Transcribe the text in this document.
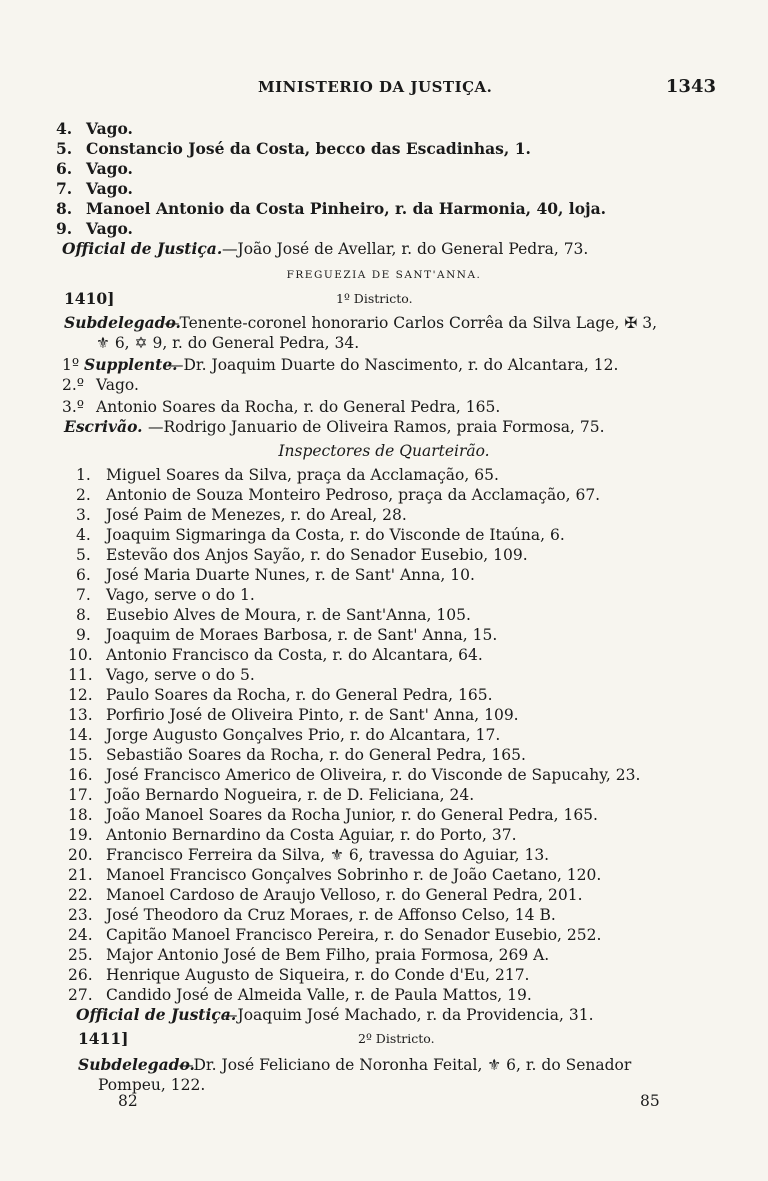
MINISTERIO DA JUSTIÇA.	1343
4. Vago.
5. Constancio José da Costa, becco das Escadinhas, 1.
6. Vago.
7. Vago.
8. Manoel Antonio da Costa Pinheiro, r. da Harmonia, 40, loja.
9. Vago.
Official de Justiça. —João José de Avellar, r. do General Pedra, 73.
FREGUEZIA DE SANT'ANNA.
1410]	1º Districto.
Subdelegado.
—Tenente-coronel honorario Carlos Corrêa da Silva Lage, ✠ 3,
⚜ 6, ✡ 9, r. do General Pedra, 34.
1º Supplente.
—Dr. Joaquim Duarte do Nascimento, r. do Alcantara, 12.
2.º Vago.
3.º Antonio Soares da Rocha, r. do General Pedra, 165.
Escrivão. —Rodrigo Januario de Oliveira Ramos, praia Formosa, 75.
Inspectores de Quarteirão.
1. Miguel Soares da Silva, praça da Acclamação, 65.
2. Antonio de Souza Monteiro Pedroso, praça da Acclamação, 67.
3. José Paim de Menezes, r. do Areal, 28.
4. Joaquim Sigmaringa da Costa, r. do Visconde de Itaúna, 6.
5. Estevão dos Anjos Sayão, r. do Senador Eusebio, 109.
6. José Maria Duarte Nunes, r. de Sant' Anna, 10.
7. Vago, serve o do 1.
8. Eusebio Alves de Moura, r. de Sant'Anna, 105.
9. Joaquim de Moraes Barbosa, r. de Sant' Anna, 15.
10. Antonio Francisco da Costa, r. do Alcantara, 64.
11. Vago, serve o do 5.
12. Paulo Soares da Rocha, r. do General Pedra, 165.
13. Porfirio José de Oliveira Pinto, r. de Sant' Anna, 109.
14. Jorge Augusto Gonçalves Prio, r. do Alcantara, 17.
15. Sebastião Soares da Rocha, r. do General Pedra, 165.
16. José Francisco Americo de Oliveira, r. do Visconde de Sapucahy, 23.
17. João Bernardo Nogueira, r. de D. Feliciana, 24.
18. João Manoel Soares da Rocha Junior, r. do General Pedra, 165.
19. Antonio Bernardino da Costa Aguiar, r. do Porto, 37.
20. Francisco Ferreira da Silva, ⚜ 6, travessa do Aguiar, 13.
21. Manoel Francisco Gonçalves Sobrinho r. de João Caetano, 120.
22. Manoel Cardoso de Araujo Velloso, r. do General Pedra, 201.
23. José Theodoro da Cruz Moraes, r. de Affonso Celso, 14 B.
24. Capitão Manoel Francisco Pereira, r. do Senador Eusebio, 252.
25. Major Antonio José de Bem Filho, praia Formosa, 269 A.
26. Henrique Augusto de Siqueira, r. do Conde d'Eu, 217.
27. Candido José de Almeida Valle, r. de Paula Mattos, 19.
Official de Justiça.
—Joaquim José Machado, r. da Providencia, 31.
1411]	2º Districto.
Subdelegado.
—Dr. José Feliciano de Noronha Feital, ⚜ 6, r. do Senador
Pompeu, 122.
82	85
